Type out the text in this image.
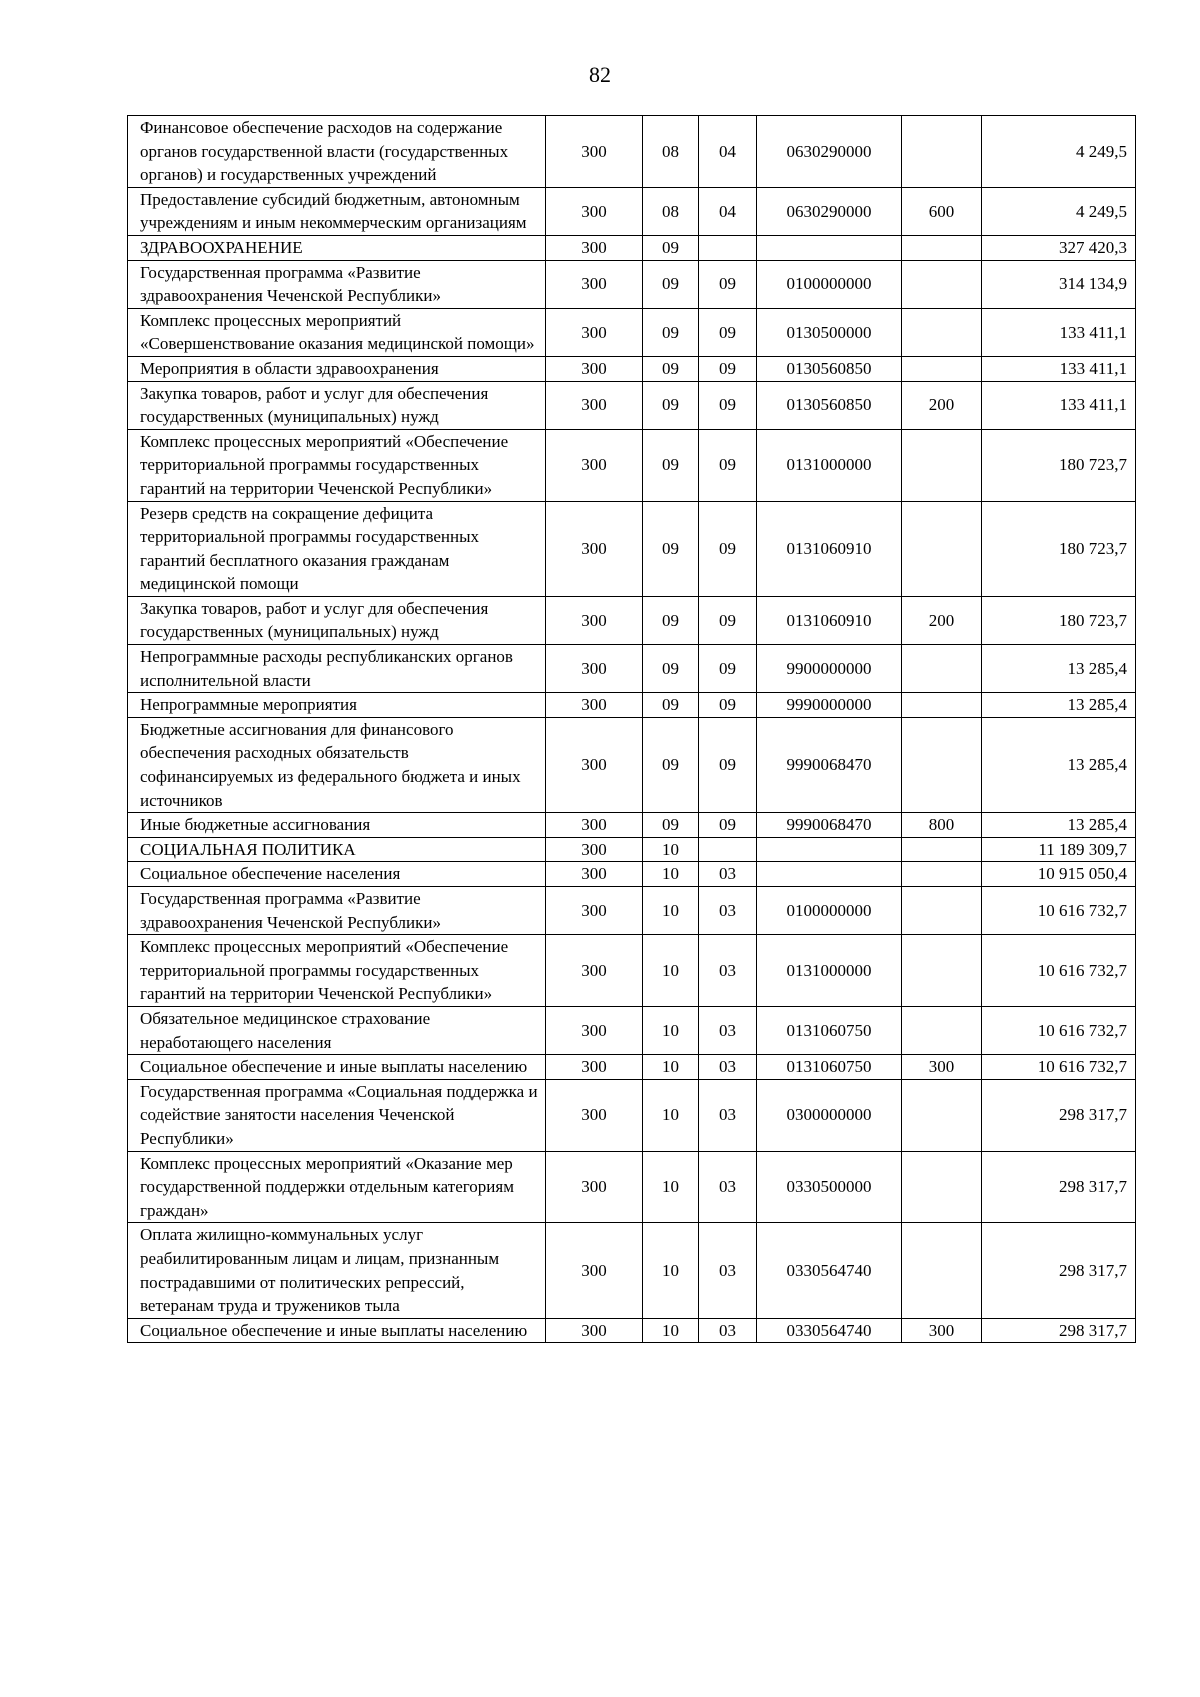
82
Финансовое обеспечение расходов на содержание органов государственной власти (государственных органов) и государственных учреждений	300	08	04	0630290000		4 249,5
Предоставление субсидий бюджетным, автономным учреждениям и иным некоммерческим организациям	300	08	04	0630290000	600	4 249,5
ЗДРАВООХРАНЕНИЕ	300	09				327 420,3
Государственная программа «Развитие здравоохранения Чеченской Республики»	300	09	09	0100000000		314 134,9
Комплекс процессных мероприятий «Совершенствование оказания медицинской помощи»	300	09	09	0130500000		133 411,1
Мероприятия в области здравоохранения	300	09	09	0130560850		133 411,1
Закупка товаров, работ и услуг для обеспечения государственных (муниципальных) нужд	300	09	09	0130560850	200	133 411,1
Комплекс процессных мероприятий «Обеспечение территориальной программы государственных гарантий на территории Чеченской Республики»	300	09	09	0131000000		180 723,7
Резерв средств на сокращение дефицита территориальной программы государственных гарантий бесплатного оказания гражданам медицинской помощи	300	09	09	0131060910		180 723,7
Закупка товаров, работ и услуг для обеспечения государственных (муниципальных) нужд	300	09	09	0131060910	200	180 723,7
Непрограммные расходы республиканских органов исполнительной власти	300	09	09	9900000000		13 285,4
Непрограммные мероприятия	300	09	09	9990000000		13 285,4
Бюджетные ассигнования для финансового обеспечения расходных обязательств софинансируемых из федерального бюджета и иных источников	300	09	09	9990068470		13 285,4
Иные бюджетные ассигнования	300	09	09	9990068470	800	13 285,4
СОЦИАЛЬНАЯ ПОЛИТИКА	300	10				11 189 309,7
Социальное обеспечение населения	300	10	03			10 915 050,4
Государственная программа «Развитие здравоохранения Чеченской Республики»	300	10	03	0100000000		10 616 732,7
Комплекс процессных мероприятий «Обеспечение территориальной программы государственных гарантий на территории Чеченской Республики»	300	10	03	0131000000		10 616 732,7
Обязательное медицинское страхование неработающего населения	300	10	03	0131060750		10 616 732,7
Социальное обеспечение и иные выплаты населению	300	10	03	0131060750	300	10 616 732,7
Государственная программа «Социальная поддержка и содействие занятости населения Чеченской Республики»	300	10	03	0300000000		298 317,7
Комплекс процессных мероприятий «Оказание мер государственной поддержки отдельным категориям граждан»	300	10	03	0330500000		298 317,7
Оплата жилищно-коммунальных услуг реабилитированным лицам и лицам, признанным пострадавшими от политических репрессий, ветеранам труда и тружеников тыла	300	10	03	0330564740		298 317,7
Социальное обеспечение и иные выплаты населению	300	10	03	0330564740	300	298 317,7
